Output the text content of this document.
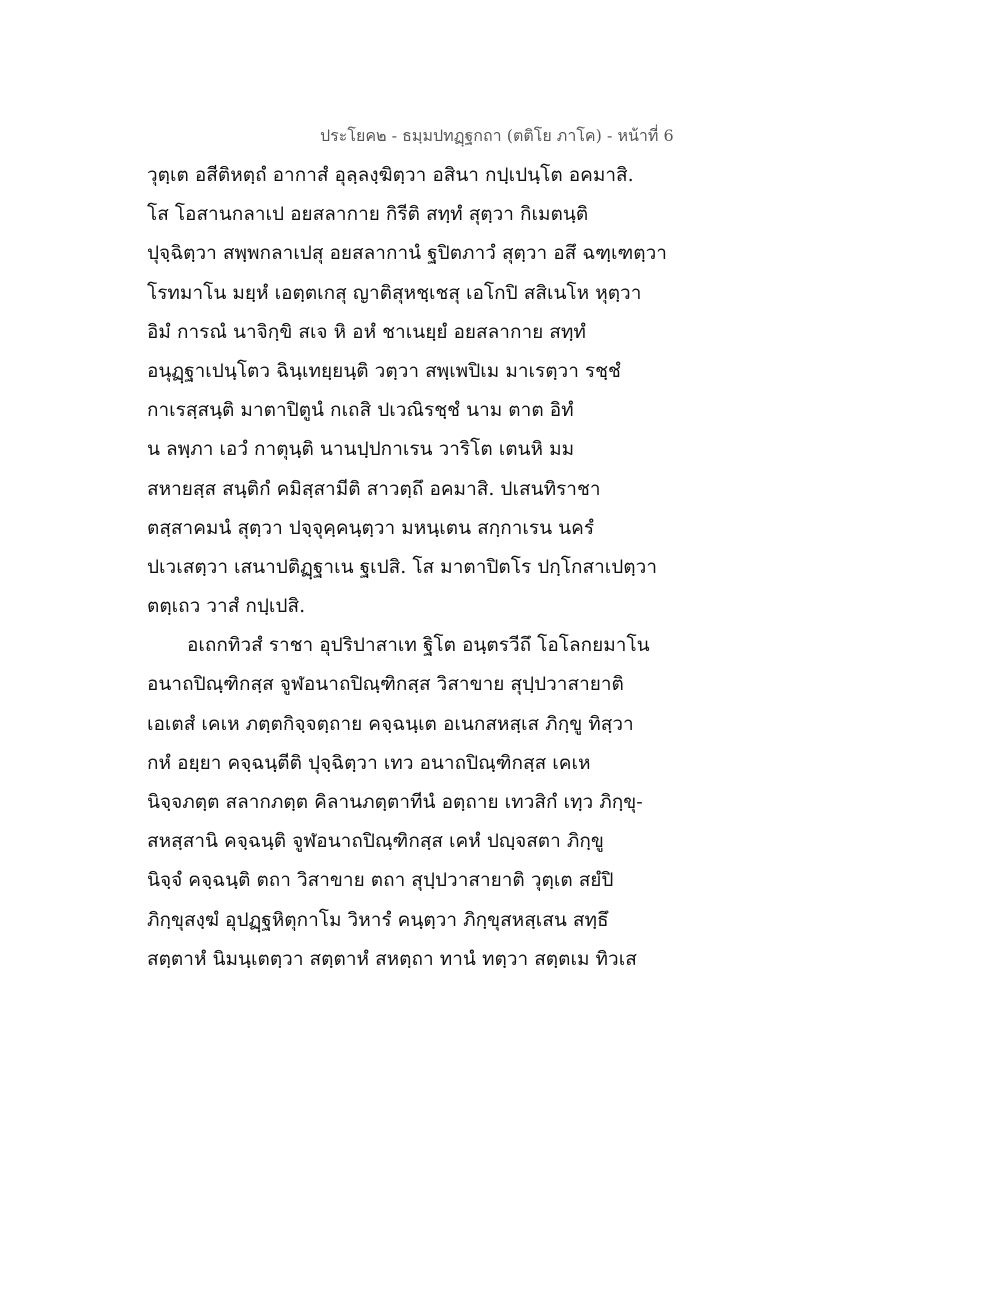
ประโยค๒ - ธมฺมปทฏฺฐกถา (ตติโย ภาโค) - หน้าที่ 6
วุตฺเต อสีติหตฺถํ อากาสํ อุลฺลงฺฆิตฺวา อสินา กปฺเปนฺโต อคมาสิ.
โส โอสานกลาเป อยสลากาย กิรีติ สทฺทํ สุตฺวา กิเมตนฺติ
ปุจฺฉิตฺวา สพฺพกลาเปสุ อยสลากานํ ฐปิตภาวํ สุตฺวา อสึ ฉฑฺเฑตฺวา
โรทมาโน มยฺหํ เอตฺตเกสุ ญาติสุหชฺเชสุ เอโกปิ สสิเนโห หุตฺวา
อิมํ การณํ นาจิกฺขิ สเจ หิ อหํ ชาเนยฺยํ อยสลากาย สทฺทํ
อนุฏฺฐาเปนฺโตว ฉินฺเทยฺยนฺติ วตฺวา สพฺเพปิเม มาเรตฺวา รชฺชํ
กาเรสฺสนฺติ มาตาปิตูนํ กเถสิ ปเวณิรชฺชํ นาม ตาต อิทํ
น ลพฺภา เอวํ กาตุนฺติ นานปฺปกาเรน วาริโต เตนหิ มม
สหายสฺส สนฺติกํ คมิสฺสามีติ สาวตฺถึ อคมาสิ. ปเสนทิราชา
ตสฺสาคมนํ สุตฺวา ปจฺจุคฺคนฺตฺวา มหนฺเตน สกฺกาเรน นครํ
ปเวเสตฺวา เสนาปติฏฺฐาเน ฐเปสิ. โส มาตาปิตโร ปกฺโกสาเปตฺวา
ตตฺเถว วาสํ กปฺเปสิ.
อเถกทิวสํ ราชา อุปริปาสาเท ฐิโต อนฺตรวีถึ โอโลกยมาโน
อนาถปิณฺฑิกสฺส จูฬอนาถปิณฺฑิกสฺส วิสาขาย สุปฺปวาสายาติ
เอเตสํ เคเห ภตฺตกิจฺจตฺถาย คจฺฉนฺเต อเนกสหสฺเส ภิกฺขู ทิสฺวา
กหํ อยฺยา คจฺฉนฺตีติ ปุจฺฉิตฺวา เทว อนาถปิณฺฑิกสฺส เคเห
นิจฺจภตฺต สลากภตฺต คิลานภตฺตาทีนํ อตฺถาย เทวสิกํ เทฺว ภิกฺขุ-
สหสฺสานิ คจฺฉนฺติ จูฬอนาถปิณฺฑิกสฺส เคหํ ปญฺจสตา ภิกฺขู
นิจฺจํ คจฺฉนฺติ ตถา วิสาขาย ตถา สุปฺปวาสายาติ วุตฺเต สยํปิ
ภิกฺขุสงฺฆํ อุปฏฺฐหิตุกาโม วิหารํ คนฺตฺวา ภิกฺขุสหสฺเสน สทฺธึ
สตฺตาหํ นิมนฺเตตฺวา สตฺตาหํ สหตฺถา ทานํ ทตฺวา สตฺตเม ทิวเส
